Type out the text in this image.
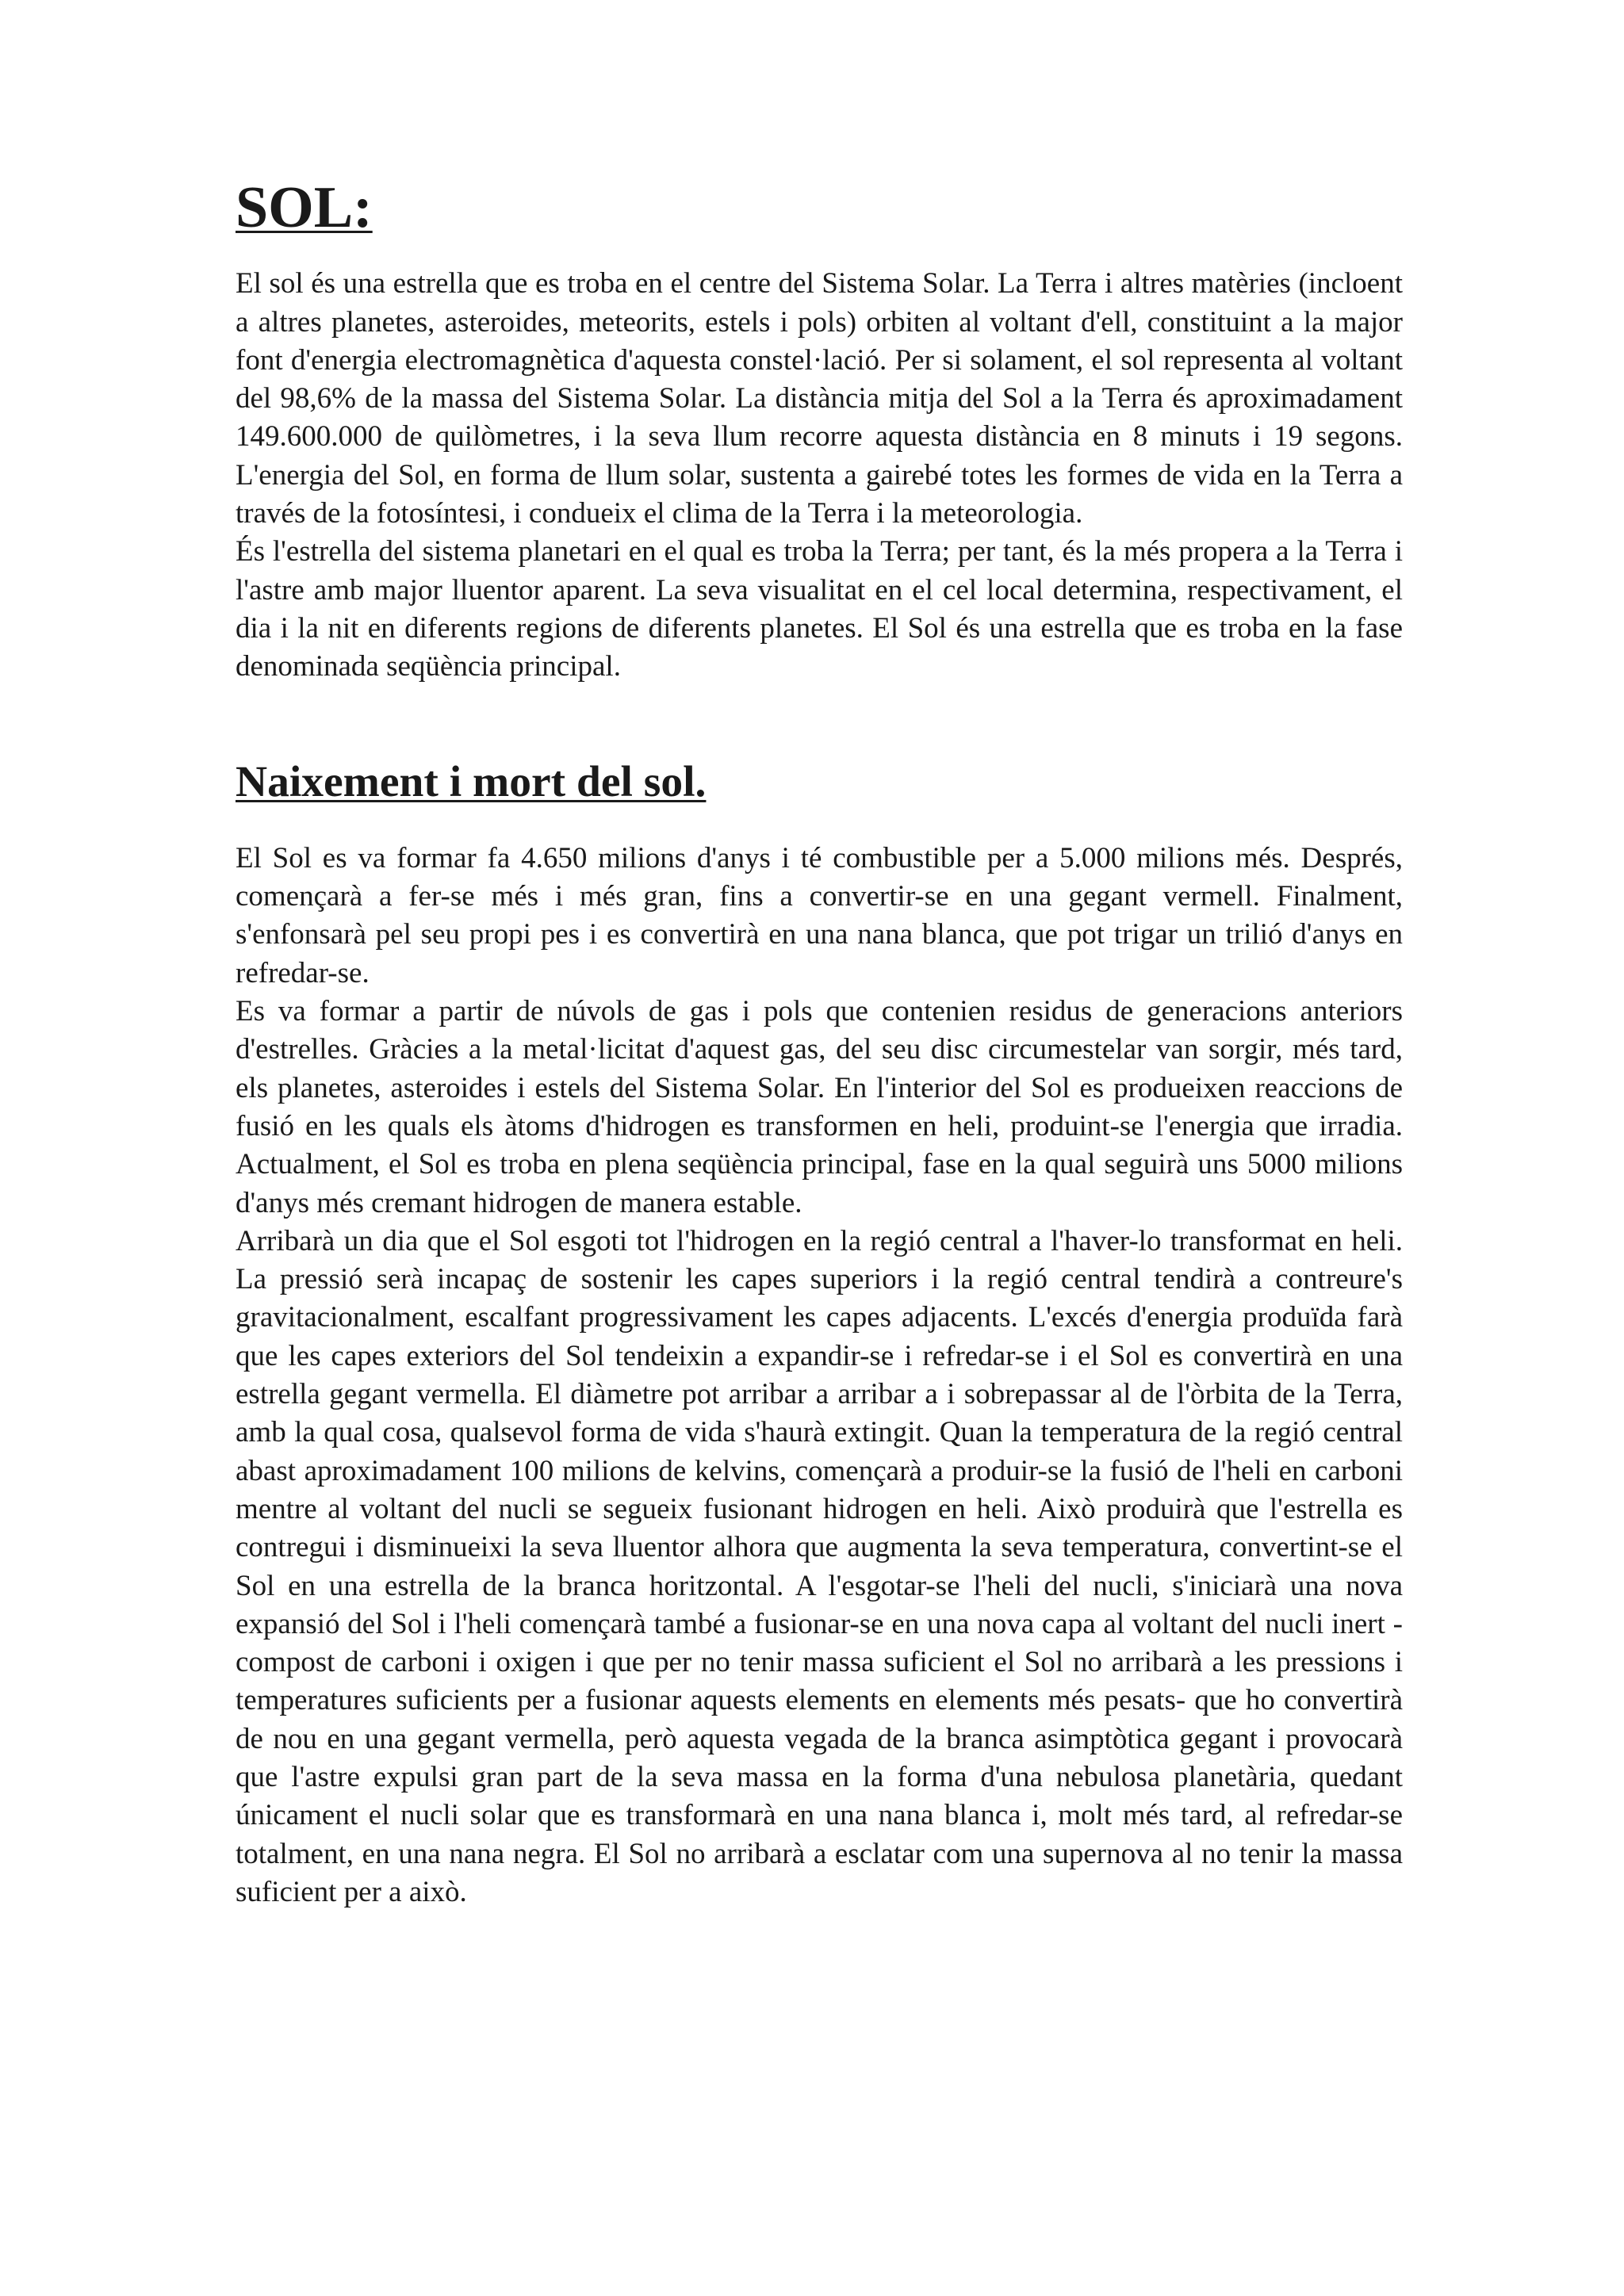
SOL:

El sol és una estrella que es troba en el centre del Sistema Solar. La Terra i altres matèries (incloent a altres planetes, asteroides, meteorits, estels i pols) orbiten al voltant d'ell, constituint a la major font d'energia electromagnètica d'aquesta constel·lació. Per si solament, el sol representa al voltant del 98,6% de la massa del Sistema Solar. La distància mitja del Sol a la Terra és aproximadament 149.600.000 de quilòmetres, i la seva llum recorre aquesta distància en 8 minuts i 19 segons. L'energia del Sol, en forma de llum solar, sustenta a gairebé totes les formes de vida en la Terra a través de la fotosíntesi, i condueix el clima de la Terra i la meteorologia.

És l'estrella del sistema planetari en el qual es troba la Terra; per tant, és la més propera a la Terra i l'astre amb major lluentor aparent. La seva visualitat en el cel local determina, respectivament, el dia i la nit en diferents regions de diferents planetes. El Sol és una estrella que es troba en la fase denominada seqüència principal.

Naixement i mort del sol.

El Sol es va formar fa 4.650 milions d'anys i té combustible per a 5.000 milions més. Després, començarà a fer-se més i més gran, fins a convertir-se en una gegant vermell. Finalment, s'enfonsarà pel seu propi pes i es convertirà en una nana blanca, que pot trigar un trilió d'anys en refredar-se.

Es va formar a partir de núvols de gas i pols que contenien residus de generacions anteriors d'estrelles. Gràcies a la metal·licitat d'aquest gas, del seu disc circumestelar van sorgir, més tard, els planetes, asteroides i estels del Sistema Solar. En l'interior del Sol es produeixen reaccions de fusió en les quals els àtoms d'hidrogen es transformen en heli, produint-se l'energia que irradia. Actualment, el Sol es troba en plena seqüència principal, fase en la qual seguirà uns 5000 milions d'anys més cremant hidrogen de manera estable.

Arribarà un dia que el Sol esgoti tot l'hidrogen en la regió central a l'haver-lo transformat en heli. La pressió serà incapaç de sostenir les capes superiors i la regió central tendirà a contreure's gravitacionalment, escalfant progressivament les capes adjacents. L'excés d'energia produïda farà que les capes exteriors del Sol tendeixin a expandir-se i refredar-se i el Sol es convertirà en una estrella gegant vermella. El diàmetre pot arribar a arribar a i sobrepassar al de l'òrbita de la Terra, amb la qual cosa, qualsevol forma de vida s'haurà extingit. Quan la temperatura de la regió central abast aproximadament 100 milions de kelvins, començarà a produir-se la fusió de l'heli en carboni mentre al voltant del nucli se segueix fusionant hidrogen en heli. Això produirà que l'estrella es contregui i disminueixi la seva lluentor alhora que augmenta la seva temperatura, convertint-se el Sol en una estrella de la branca horitzontal. A l'esgotar-se l'heli del nucli, s'iniciarà una nova expansió del Sol i l'heli començarà també a fusionar-se en una nova capa al voltant del nucli inert -compost de carboni i oxigen i que per no tenir massa suficient el Sol no arribarà a les pressions i temperatures suficients per a fusionar aquests elements en elements més pesats- que ho convertirà de nou en una gegant vermella, però aquesta vegada de la branca asimptòtica gegant i provocarà que l'astre expulsi gran part de la seva massa en la forma d'una nebulosa planetària, quedant únicament el nucli solar que es transformarà en una nana blanca i, molt més tard, al refredar-se totalment, en una nana negra. El Sol no arribarà a esclatar com una supernova al no tenir la massa suficient per a això.
